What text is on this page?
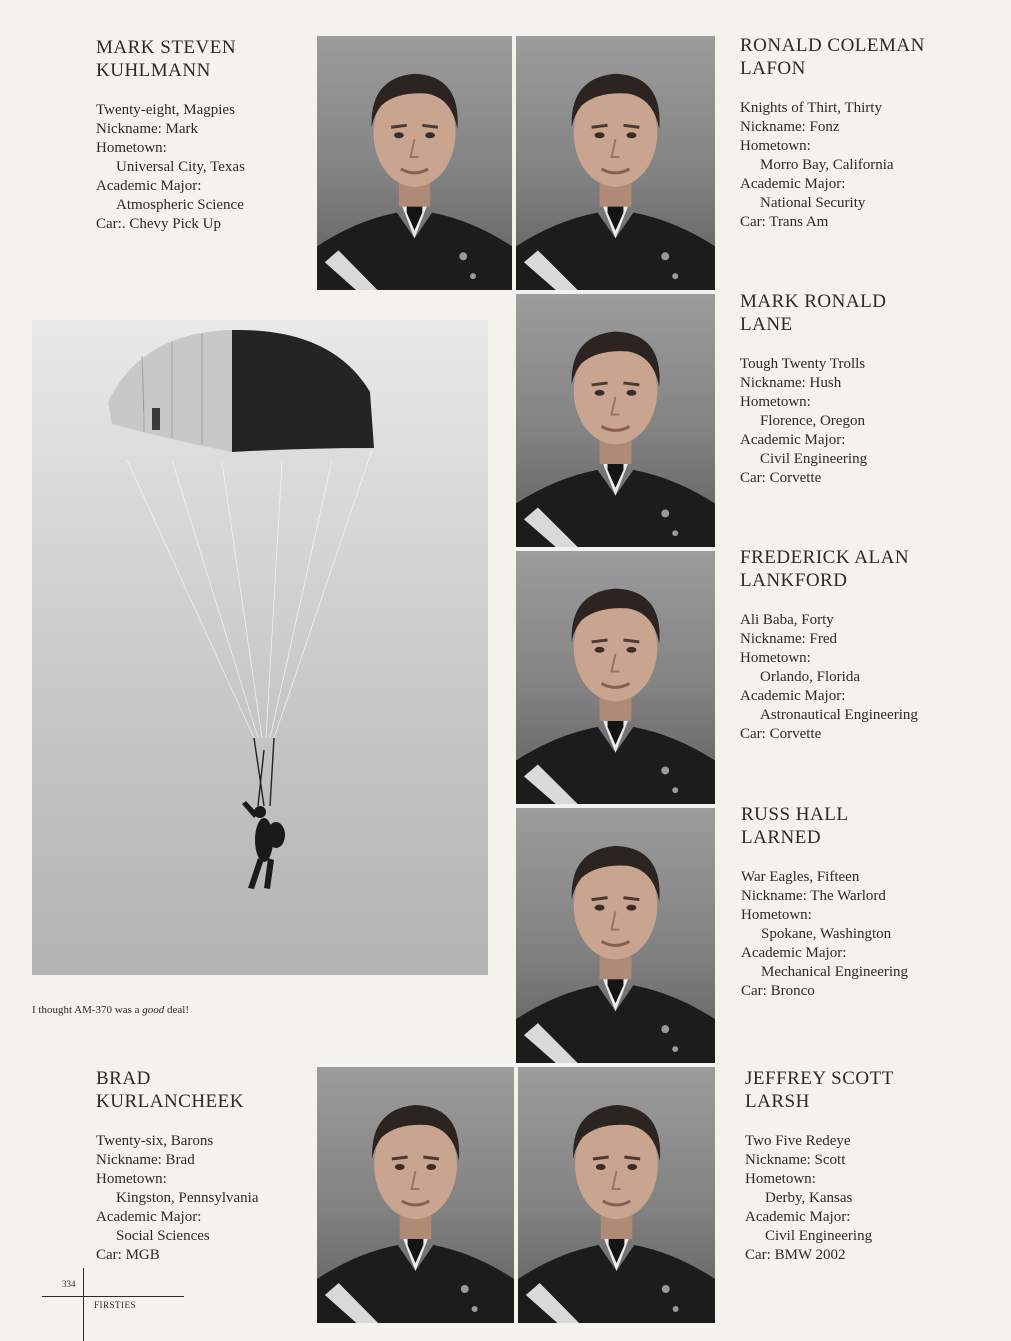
MARK STEVEN
KUHLMANN
Twenty-eight, Magpies
Nickname: Mark
Hometown:
Universal City, Texas
Academic Major:
Atmospheric Science
Car:. Chevy Pick Up
RONALD COLEMAN
LAFON
Knights of Thirt, Thirty
Nickname: Fonz
Hometown:
Morro Bay, California
Academic Major:
National Security
Car: Trans Am
MARK RONALD
LANE
Tough Twenty Trolls
Nickname: Hush
Hometown:
Florence, Oregon
Academic Major:
Civil Engineering
Car: Corvette
FREDERICK ALAN
LANKFORD
Ali Baba, Forty
Nickname: Fred
Hometown:
Orlando, Florida
Academic Major:
Astronautical Engineering
Car: Corvette
RUSS HALL
LARNED
War Eagles, Fifteen
Nickname: The Warlord
Hometown:
Spokane, Washington
Academic Major:
Mechanical Engineering
Car: Bronco
BRAD
KURLANCHEEK
Twenty-six, Barons
Nickname: Brad
Hometown:
Kingston, Pennsylvania
Academic Major:
Social Sciences
Car: MGB
JEFFREY SCOTT
LARSH
Two Five Redeye
Nickname: Scott
Hometown:
Derby, Kansas
Academic Major:
Civil Engineering
Car: BMW 2002
I thought AM-370 was a good deal!
334
FIRSTIES
